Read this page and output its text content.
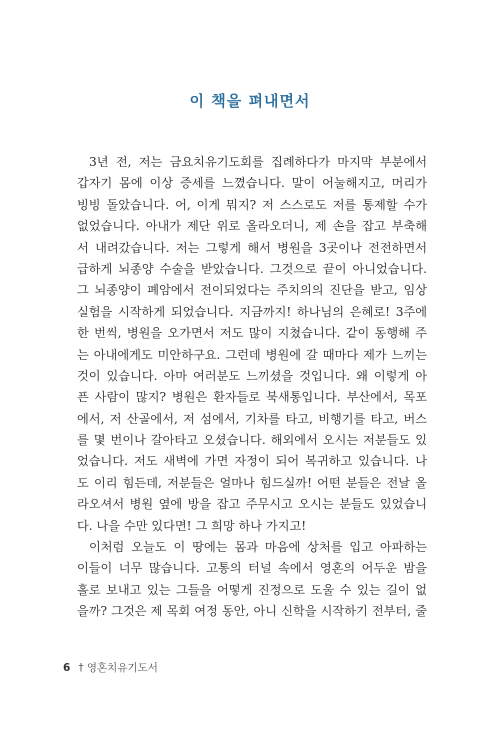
이 책을 펴내면서
3년 전, 저는 금요치유기도회를 집례하다가 마지막 부분에서
갑자기 몸에 이상 증세를 느꼈습니다. 말이 어눌해지고, 머리가
빙빙 돌았습니다. 어, 이게 뭐지? 저 스스로도 저를 통제할 수가
없었습니다. 아내가 제단 위로 올라오더니, 제 손을 잡고 부축해
서 내려갔습니다. 저는 그렇게 해서 병원을 3곳이나 전전하면서
급하게 뇌종양 수술을 받았습니다. 그것으로 끝이 아니었습니다.
그 뇌종양이 폐암에서 전이되었다는 주치의의 진단을 받고, 임상
실험을 시작하게 되었습니다. 지금까지! 하나님의 은혜로! 3주에
한 번씩, 병원을 오가면서 저도 많이 지쳤습니다. 같이 동행해 주
는 아내에게도 미안하구요. 그런데 병원에 갈 때마다 제가 느끼는
것이 있습니다. 아마 여러분도 느끼셨을 것입니다. 왜 이렇게 아
픈 사람이 많지? 병원은 환자들로 북새통입니다. 부산에서, 목포
에서, 저 산골에서, 저 섬에서, 기차를 타고, 비행기를 타고, 버스
를 몇 번이나 갈아타고 오셨습니다. 해외에서 오시는 저분들도 있
었습니다. 저도 새벽에 가면 자정이 되어 복귀하고 있습니다. 나
도 이리 힘든데, 저분들은 얼마나 힘드실까! 어떤 분들은 전날 올
라오셔서 병원 옆에 방을 잡고 주무시고 오시는 분들도 있었습니
다. 나을 수만 있다면! 그 희망 하나 가지고!
이처럼 오늘도 이 땅에는 몸과 마음에 상처를 입고 아파하는
이들이 너무 많습니다. 고통의 터널 속에서 영혼의 어두운 밤을
홀로 보내고 있는 그들을 어떻게 진정으로 도울 수 있는 길이 없
을까? 그것은 제 목회 여정 동안, 아니 신학을 시작하기 전부터, 줄
6 † 영혼치유기도서
